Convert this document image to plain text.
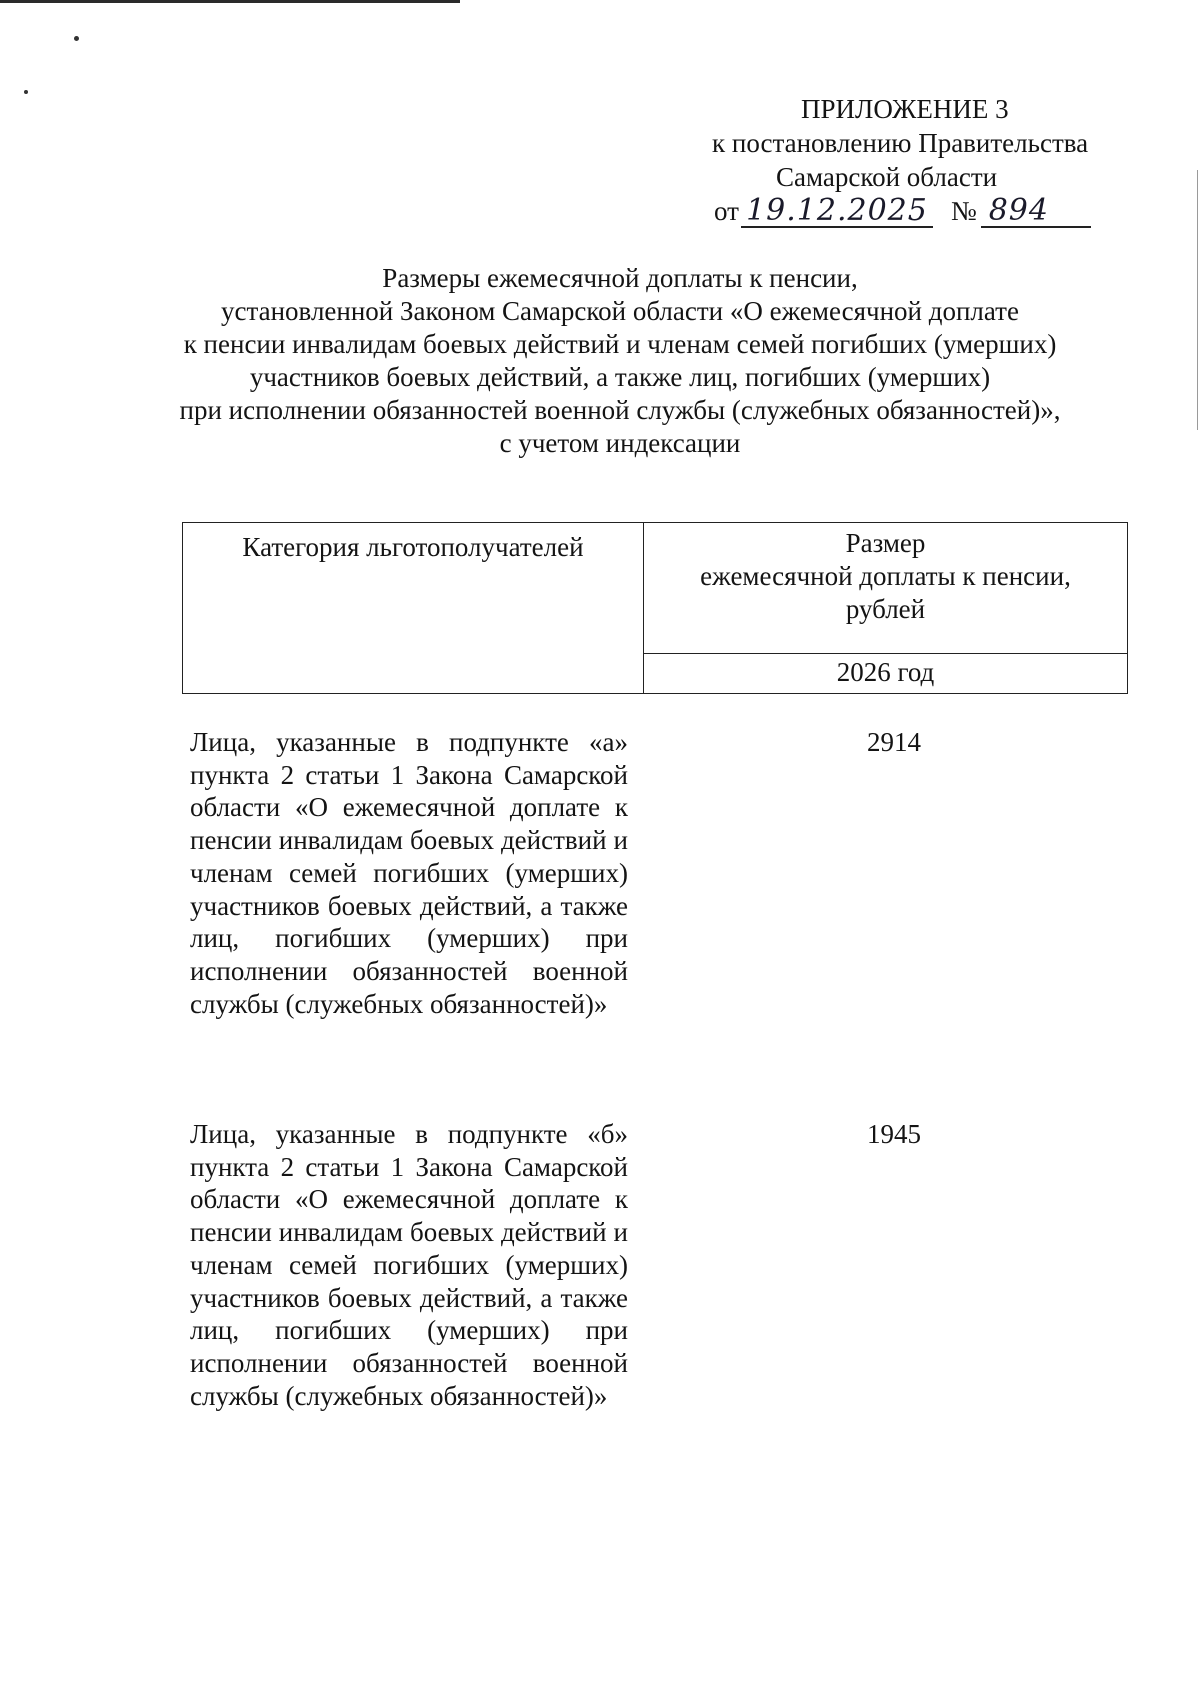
ПРИЛОЖЕНИЕ 3
к постановлению Правительства
Самарской области
от 19.12.2025 № 894
Размеры ежемесячной доплаты к пенсии,
установленной Законом Самарской области «О ежемесячной доплате
к пенсии инвалидам боевых действий и членам семей погибших (умерших)
участников боевых действий, а также лиц, погибших (умерших)
при исполнении обязанностей военной службы (служебных обязанностей)»,
с учетом индексации
Категория льготополучателей	Размер
ежемесячной доплаты к пенсии,
рублей
2026 год
Лица, указанные в подпункте «а» пункта 2 статьи 1 Закона Самарской области «О ежемесячной доплате к пенсии инвалидам боевых действий и членам семей погибших (умерших) участников боевых действий, а также лиц, погибших (умерших) при исполнении обязанностей военной службы (служебных обязанностей)»
2914
Лица, указанные в подпункте «б» пункта 2 статьи 1 Закона Самарской области «О ежемесячной доплате к пенсии инвалидам боевых действий и членам семей погибших (умерших) участников боевых действий, а также лиц, погибших (умерших) при исполнении обязанностей военной службы (служебных обязанностей)»
1945
